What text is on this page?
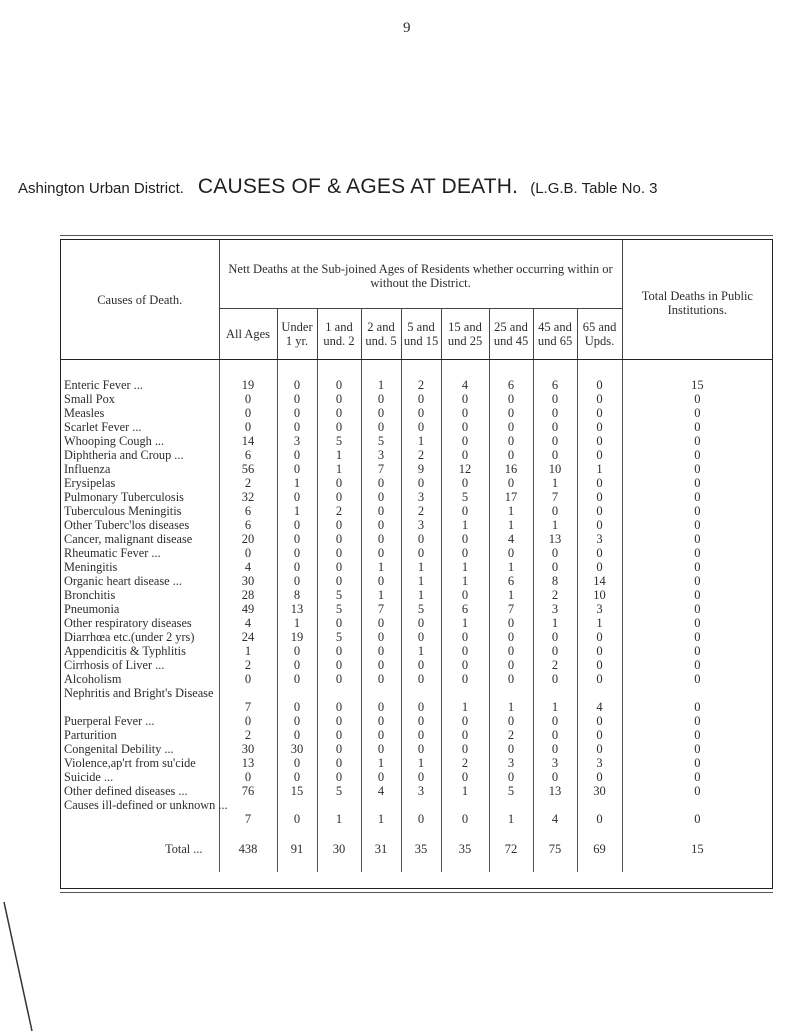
9
Ashington Urban District. CAUSES OF & AGES AT DEATH. (L.G.B. Table No. 3
Causes of Death.	Nett Deaths at the Sub-joined Ages of Residents whether occurring within or without the District.									Total Deaths in Public Institutions.
	All Ages	Under 1 yr.	1 and und. 2	2 and und. 5	5 and und 15	15 and und 25	25 and und 45	45 and und 65	65 and Upds.	

Enteric Fever ...	19	0	0	1	2	4	6	6	0	15
Small Pox	0	0	0	0	0	0	0	0	0	0
Measles	0	0	0	0	0	0	0	0	0	0
Scarlet Fever ...	0	0	0	0	0	0	0	0	0	0
Whooping Cough ...	14	3	5	5	1	0	0	0	0	0
Diphtheria and Croup ...	6	0	1	3	2	0	0	0	0	0
Influenza	56	0	1	7	9	12	16	10	1	0
Erysipelas	2	1	0	0	0	0	0	1	0	0
Pulmonary Tuberculosis	32	0	0	0	3	5	17	7	0	0
Tuberculous Meningitis	6	1	2	0	2	0	1	0	0	0
Other Tuberc'los diseases	6	0	0	0	3	1	1	1	0	0
Cancer, malignant disease	20	0	0	0	0	0	4	13	3	0
Rheumatic Fever ...	0	0	0	0	0	0	0	0	0	0
Meningitis	4	0	0	1	1	1	1	0	0	0
Organic heart disease ...	30	0	0	0	1	1	6	8	14	0
Bronchitis	28	8	5	1	1	0	1	2	10	0
Pneumonia	49	13	5	7	5	6	7	3	3	0
Other respiratory diseases	4	1	0	0	0	1	0	1	1	0
Diarrhœa etc.(under 2 yrs)	24	19	5	0	0	0	0	0	0	0
Appendicitis & Typhlitis	1	0	0	0	1	0	0	0	0	0
Cirrhosis of Liver ...	2	0	0	0	0	0	0	2	0	0
Alcoholism	0	0	0	0	0	0	0	0	0	0
Nephritis and Bright's Disease	7	0	0	0	0	1	1	1	4	0
Puerperal Fever ...	0	0	0	0	0	0	0	0	0	0
Parturition	2	0	0	0	0	0	2	0	0	0
Congenital Debility ...	30	30	0	0	0	0	0	0	0	0
Violence,ap'rt from su'cide	13	0	0	1	1	2	3	3	3	0
Suicide ...	0	0	0	0	0	0	0	0	0	0
Other defined diseases ...	76	15	5	4	3	1	5	13	30	0
Causes ill-defined or unknown ...	7	0	1	1	0	0	1	4	0	0
Total ...	438	91	30	31	35	35	72	75	69	15
